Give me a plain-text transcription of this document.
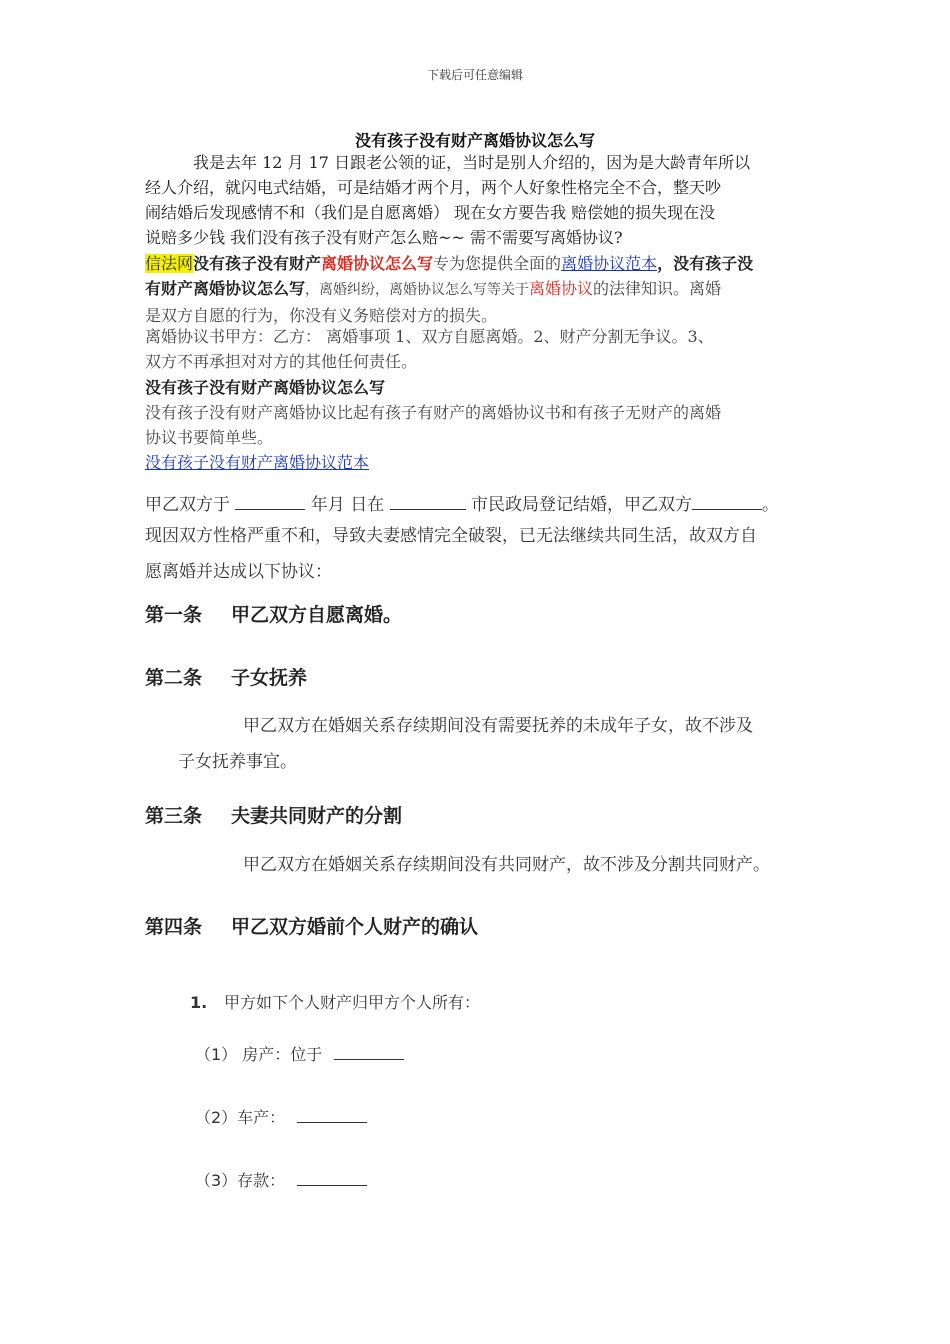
下载后可任意编辑
没有孩子没有财产离婚协议怎么写
我是去年 12 月 17 日跟老公领的证，当时是别人介绍的，因为是大龄青年所以
经人介绍，就闪电式结婚，可是结婚才两个月，两个人好象性格完全不合，整天吵
闹结婚后发现感情不和（我们是自愿离婚） 现在女方要告我 赔偿她的损失现在没
说赔多少钱 我们没有孩子没有财产怎么赔~~ 需不需要写离婚协议?
信法网没有孩子没有财产离婚协议怎么写专为您提供全面的离婚协议范本，没有孩子没
有财产离婚协议怎么写，离婚纠纷，离婚协议怎么写等关于离婚协议的法律知识。离婚
是双方自愿的行为，你没有义务赔偿对方的损失。
离婚协议书甲方：乙方： 离婚事项 1、双方自愿离婚。2、财产分割无争议。3、
双方不再承担对对方的其他任何责任。
没有孩子没有财产离婚协议怎么写
没有孩子没有财产离婚协议比起有孩子有财产的离婚协议书和有孩子无财产的离婚
协议书要简单些。
没有孩子没有财产离婚协议范本
甲乙双方于	年月 日在	市民政局登记结婚，甲乙双方	。
现因双方性格严重不和，导致夫妻感情完全破裂，已无法继续共同生活，故双方自
愿离婚并达成以下协议：
第一条 甲乙双方自愿离婚。
第二条 子女抚养
甲乙双方在婚姻关系存续期间没有需要抚养的未成年子女，故不涉及
子女抚养事宜。
第三条 夫妻共同财产的分割
甲乙双方在婚姻关系存续期间没有共同财产，故不涉及分割共同财产。
第四条 甲乙双方婚前个人财产的确认
1. 甲方如下个人财产归甲方个人所有：
（1） 房产：位于
（2）车产：
（3）存款：
